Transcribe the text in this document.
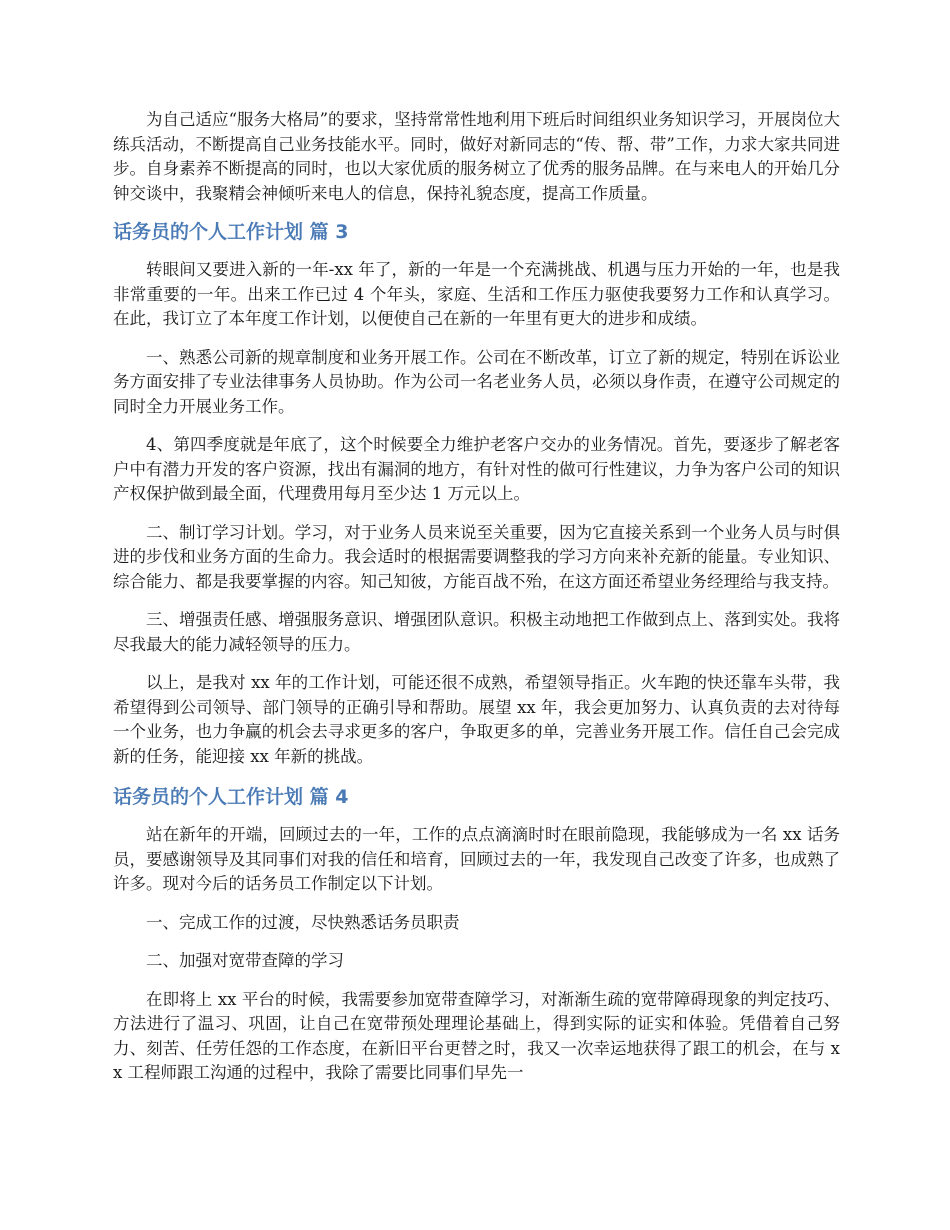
为自己适应“服务大格局”的要求，坚持常常性地利用下班后时间组织业务知识学习，开展岗位大练兵活动，不断提高自己业务技能水平。同时，做好对新同志的“传、帮、带”工作，力求大家共同进步。自身素养不断提高的同时，也以大家优质的服务树立了优秀的服务品牌。在与来电人的开始几分钟交谈中，我聚精会神倾听来电人的信息，保持礼貌态度，提高工作质量。

话务员的个人工作计划 篇 3

转眼间又要进入新的一年-xx 年了，新的一年是一个充满挑战、机遇与压力开始的一年，也是我非常重要的一年。出来工作已过 4 个年头，家庭、生活和工作压力驱使我要努力工作和认真学习。在此，我订立了本年度工作计划，以便使自己在新的一年里有更大的进步和成绩。

一、熟悉公司新的规章制度和业务开展工作。公司在不断改革，订立了新的规定，特别在诉讼业务方面安排了专业法律事务人员协助。作为公司一名老业务人员，必须以身作责，在遵守公司规定的同时全力开展业务工作。

4、第四季度就是年底了，这个时候要全力维护老客户交办的业务情况。首先，要逐步了解老客户中有潜力开发的客户资源，找出有漏洞的地方，有针对性的做可行性建议，力争为客户公司的知识产权保护做到最全面，代理费用每月至少达 1 万元以上。

二、制订学习计划。学习，对于业务人员来说至关重要，因为它直接关系到一个业务人员与时俱进的步伐和业务方面的生命力。我会适时的根据需要调整我的学习方向来补充新的能量。专业知识、综合能力、都是我要掌握的内容。知己知彼，方能百战不殆，在这方面还希望业务经理给与我支持。

三、增强责任感、增强服务意识、增强团队意识。积极主动地把工作做到点上、落到实处。我将尽我最大的能力减轻领导的压力。

以上，是我对 xx 年的工作计划，可能还很不成熟，希望领导指正。火车跑的快还靠车头带，我希望得到公司领导、部门领导的正确引导和帮助。展望 xx 年，我会更加努力、认真负责的去对待每一个业务，也力争赢的机会去寻求更多的客户，争取更多的单，完善业务开展工作。信任自己会完成新的任务，能迎接 xx 年新的挑战。

话务员的个人工作计划 篇 4

站在新年的开端，回顾过去的一年，工作的点点滴滴时时在眼前隐现，我能够成为一名 xx 话务员，要感谢领导及其同事们对我的信任和培育，回顾过去的一年，我发现自己改变了许多，也成熟了许多。现对今后的话务员工作制定以下计划。

一、完成工作的过渡，尽快熟悉话务员职责

二、加强对宽带查障的学习

在即将上 xx 平台的时候，我需要参加宽带查障学习，对渐渐生疏的宽带障碍现象的判定技巧、方法进行了温习、巩固，让自己在宽带预处理理论基础上，得到实际的证实和体验。凭借着自己努力、刻苦、任劳任怨的工作态度，在新旧平台更替之时，我又一次幸运地获得了跟工的机会，在与 xx 工程师跟工沟通的过程中，我除了需要比同事们早先一
